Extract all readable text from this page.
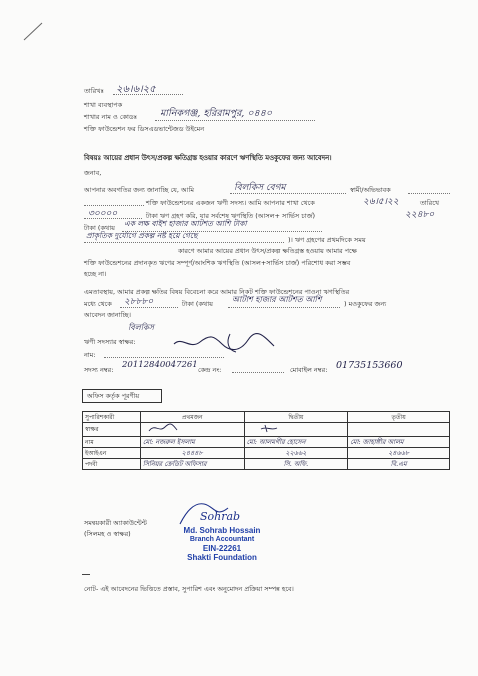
তারিখঃ ২৬।৬।২৫
শাখা ব্যবস্থাপক
শাখার নাম ও কোডঃ মানিকগঞ্জ, হরিরামপুর, ০৪৪০
শক্তি ফাউন্ডেশন ফর ডিসএডভান্টেজড উইমেন
বিষয়ঃ আয়ের প্রধান উৎস/প্রকল্প ক্ষতিগ্রস্ত হওয়ার কারণে ঋণস্থিতি মওকুফের জন্য আবেদন।
জনাব,
আপনার অবগতির জন্য জানাচ্ছি যে, আমি	বিলকিস বেগম	স্বামী/অভিভাবক
শক্তি ফাউন্ডেশনের একজন ঋণী সদস্য। আমি আপনার শাখা থেকে	২৬।৫।২২	তারিখে
৩০০০০	টাকা ঋণ গ্রহণ করি, যার সর্বশেষ ঋণস্থিতি (আসল+ সার্ভিস চার্জ)	২২৪৮০
টাকা (কথায় এক লক্ষ বাইশ হাজার আটশত আশি টাকা
প্রাকৃতিক দুর্যোগে প্রকল্প নষ্ট হয়ে গেছে	)। ঋণ গ্রহণের প্রথমদিকে সময়
কারণে আমার আয়ের প্রধান উৎস/প্রকল্প ক্ষতিগ্রস্ত হওয়ায় আমার পক্ষে
শক্তি ফাউন্ডেশনের প্রদানকৃত ঋণের সম্পূর্ণ/আংশিক ঋণস্থিতি (আসল+সার্ভিস চার্জ) পরিশোধ করা সম্ভব
হচ্ছে না।
এমতাবস্থায়, আমার প্রকল্প ক্ষতির বিষয় বিবেচনা করে আমার নিকট শক্তি ফাউন্ডেশনের পাওনা ঋণস্থিতির
মধ্যে থেকে ২৮৮৮০	টাকা (কথায় আটাশ হাজার আটশত আশি	) মওকুফের জন্য
আবেদন জানাচ্ছি।
বিলকিস
ঋণী সদস্যার স্বাক্ষর:
নাম:
সদস্য নম্বর: 20112840047261 কেন্দ্র নং:	মোবাইল নম্বর: 01735153660
অফিস কর্তৃক পূরণীয়
সুপারিশকারী	প্রথমজন	দ্বিতীয়	তৃতীয়
স্বাক্ষর			
নাম	মো: নজরুল ইসলাম	মো: আলমগীর হোসেন	মো: জাহাঙ্গীর আলম
ইআইএন	২৪৪৪৮	২২৬৬২	২৪৬৬৮
পদবী	সিনিয়র ক্রেডিট অফিসার	সি. অফি.	বি.এম
সমন্বয়কারী অ্যাকাউন্টেন্ট
(সিলমহ ও স্বাক্ষর)
Sohrab
Md. Sohrab Hossain
Branch Accountant
EIN-22261
Shakti Foundation
নোট- এই আবেদনের ভিত্তিতে প্রস্তাব, সুপারিশ এবং অনুমোদন প্রক্রিয়া সম্পন্ন হবে।
